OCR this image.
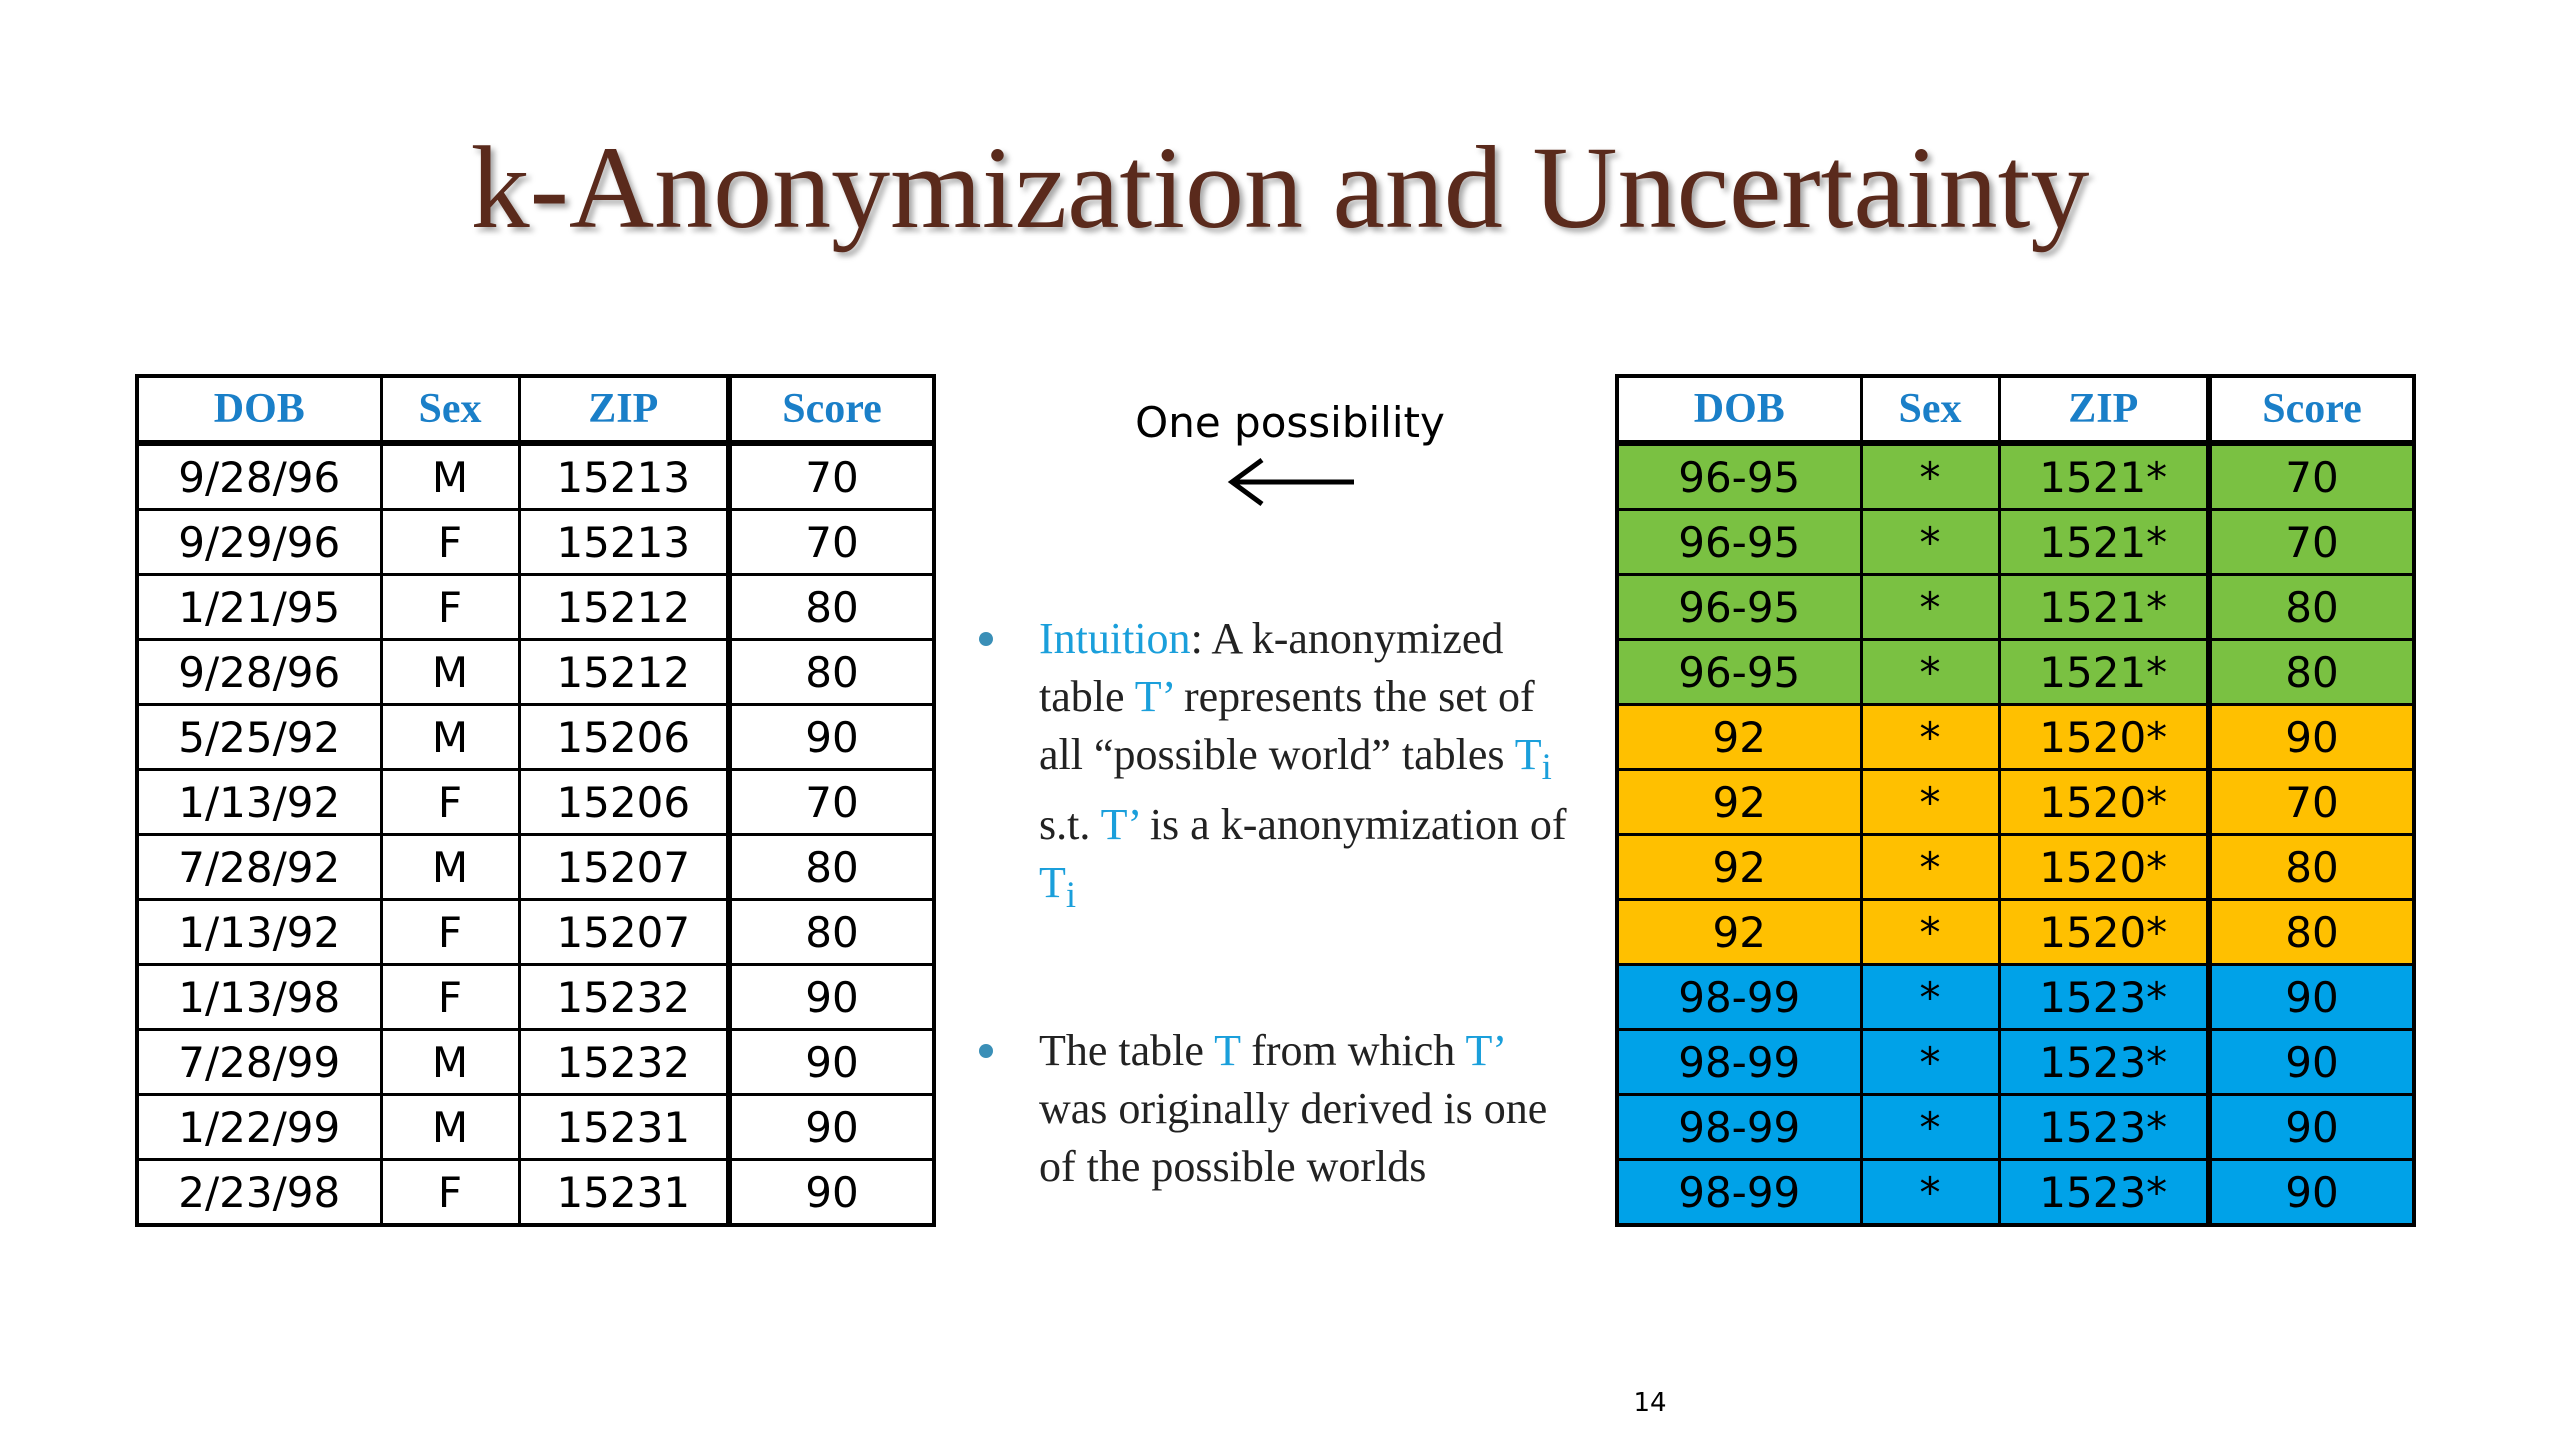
k-Anonymization and Uncertainty
DOB	Sex	ZIP	Score
9/28/96	M	15213	70
9/29/96	F	15213	70
1/21/95	F	15212	80
9/28/96	M	15212	80
5/25/92	M	15206	90
1/13/92	F	15206	70
7/28/92	M	15207	80
1/13/92	F	15207	80
1/13/98	F	15232	90
7/28/99	M	15232	90
1/22/99	M	15231	90
2/23/98	F	15231	90
One possibility
Intuition: A k-anonymized table T’ represents the set of all “possible world” tables $T_i$ s.t. T’ is a k-anonymization of $T_i$
The table T from which T’ was originally derived is one of the possible worlds
DOB	Sex	ZIP	Score
96-95	*	1521*	70
96-95	*	1521*	70
96-95	*	1521*	80
96-95	*	1521*	80
92	*	1520*	90
92	*	1520*	70
92	*	1520*	80
92	*	1520*	80
98-99	*	1523*	90
98-99	*	1523*	90
98-99	*	1523*	90
98-99	*	1523*	90
14
